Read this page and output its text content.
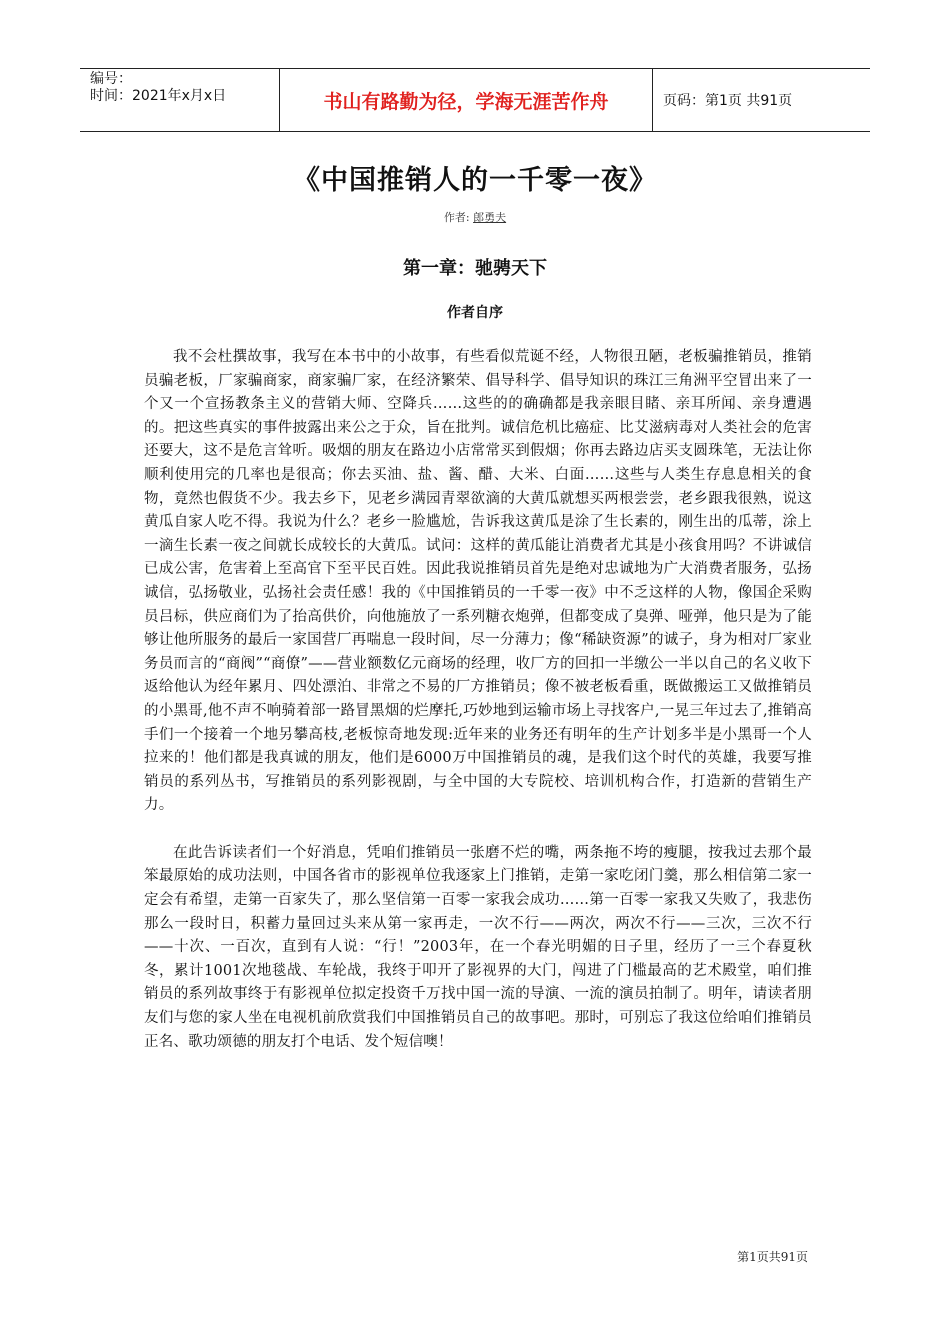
编号：
时间：2021年x月x日	书山有路勤为径，学海无涯苦作舟	页码：第1页 共91页
《中国推销人的一千零一夜》
作者: 郎勇夫
第一章：驰骋天下
作者自序

我不会杜撰故事，我写在本书中的小故事，有些看似荒诞不经，人物很丑陋，老板骗推销员，推销员骗老板，厂家骗商家，商家骗厂家，在经济繁荣、倡导科学、倡导知识的珠江三角洲平空冒出来了一个又一个宣扬教条主义的营销大师、空降兵……这些的的确确都是我亲眼目睹、亲耳所闻、亲身遭遇的。把这些真实的事件披露出来公之于众，旨在批判。诚信危机比癌症、比艾滋病毒对人类社会的危害还要大，这不是危言耸听。吸烟的朋友在路边小店常常买到假烟；你再去路边店买支圆珠笔，无法让你顺利使用完的几率也是很高；你去买油、盐、酱、醋、大米、白面……这些与人类生存息息相关的食物，竟然也假货不少。我去乡下，见老乡满园青翠欲滴的大黄瓜就想买两根尝尝，老乡跟我很熟，说这黄瓜自家人吃不得。我说为什么？老乡一脸尴尬，告诉我这黄瓜是涂了生长素的，刚生出的瓜蒂，涂上一滴生长素一夜之间就长成较长的大黄瓜。试问：这样的黄瓜能让消费者尤其是小孩食用吗？不讲诚信已成公害，危害着上至高官下至平民百姓。因此我说推销员首先是绝对忠诚地为广大消费者服务，弘扬诚信，弘扬敬业，弘扬社会责任感！我的《中国推销员的一千零一夜》中不乏这样的人物，像国企采购员吕标，供应商们为了抬高供价，向他施放了一系列糖衣炮弹，但都变成了臭弹、哑弹，他只是为了能够让他所服务的最后一家国营厂再喘息一段时间，尽一分薄力；像“稀缺资源”的诚子，身为相对厂家业务员而言的“商阀”“商僚”——营业额数亿元商场的经理，收厂方的回扣一半缴公一半以自己的名义收下返给他认为经年累月、四处漂泊、非常之不易的厂方推销员；像不被老板看重，既做搬运工又做推销员的小黑哥,他不声不响骑着部一路冒黑烟的烂摩托,巧妙地到运输市场上寻找客户,一晃三年过去了,推销高手们一个接着一个地另攀高枝,老板惊奇地发现:近年来的业务还有明年的生产计划多半是小黑哥一个人拉来的！他们都是我真诚的朋友，他们是6000万中国推销员的魂，是我们这个时代的英雄，我要写推销员的系列丛书，写推销员的系列影视剧，与全中国的大专院校、培训机构合作，打造新的营销生产力。

在此告诉读者们一个好消息，凭咱们推销员一张磨不烂的嘴，两条拖不垮的瘦腿，按我过去那个最笨最原始的成功法则，中国各省市的影视单位我逐家上门推销，走第一家吃闭门羹，那么相信第二家一定会有希望，走第一百家失了，那么坚信第一百零一家我会成功……第一百零一家我又失败了，我悲伤那么一段时日，积蓄力量回过头来从第一家再走，一次不行——两次，两次不行——三次，三次不行——十次、一百次，直到有人说：“行！”2003年，在一个春光明媚的日子里，经历了一三个春夏秋冬，累计1001次地毯战、车轮战，我终于叩开了影视界的大门，闯进了门槛最高的艺术殿堂，咱们推销员的系列故事终于有影视单位拟定投资千万找中国一流的导演、一流的演员拍制了。明年，请读者朋友们与您的家人坐在电视机前欣赏我们中国推销员自己的故事吧。那时，可别忘了我这位给咱们推销员正名、歌功颂德的朋友打个电话、发个短信噢！

第1页共91页
